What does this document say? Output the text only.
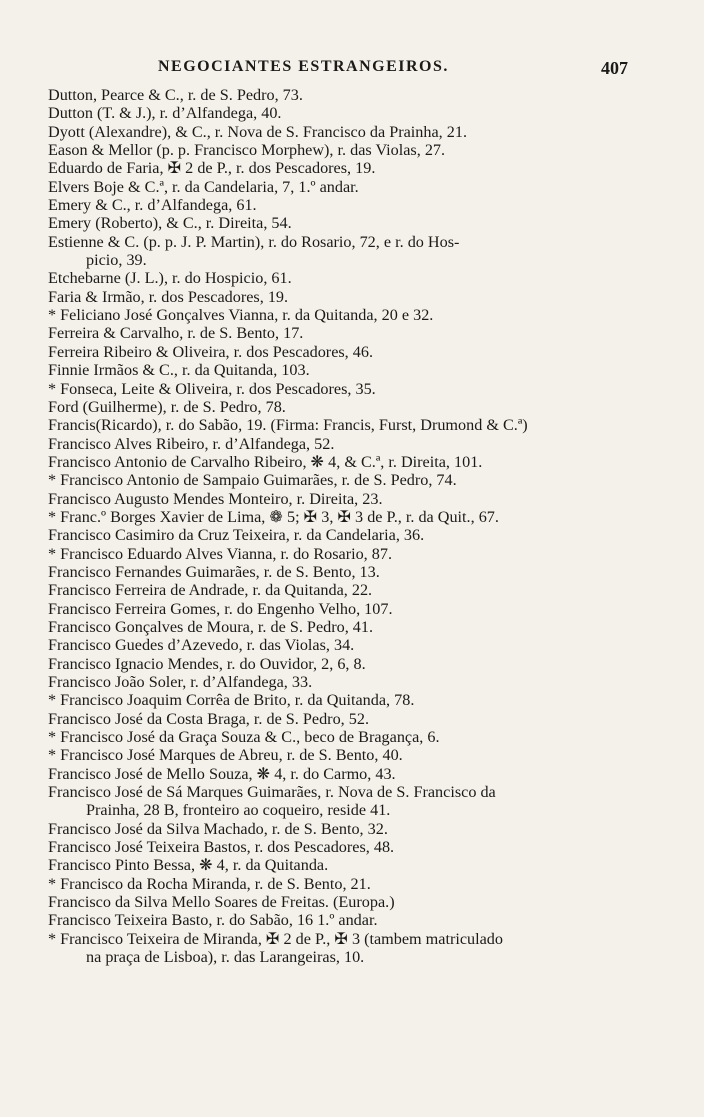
NEGOCIANTES ESTRANGEIROS.	407
Dutton, Pearce & C., r. de S. Pedro, 73.
Dutton (T. & J.), r. d’Alfandega, 40.
Dyott (Alexandre), & C., r. Nova de S. Francisco da Prainha, 21.
Eason & Mellor (p. p. Francisco Morphew), r. das Violas, 27.
Eduardo de Faria, ✠ 2 de P., r. dos Pescadores, 19.
Elvers Boje & C.ª, r. da Candelaria, 7, 1.º andar.
Emery & C., r. d’Alfandega, 61.
Emery (Roberto), & C., r. Direita, 54.
Estienne & C. (p. p. J. P. Martin), r. do Rosario, 72, e r. do Hos-
picio, 39.
Etchebarne (J. L.), r. do Hospicio, 61.
Faria & Irmão, r. dos Pescadores, 19.
* Feliciano José Gonçalves Vianna, r. da Quitanda, 20 e 32.
Ferreira & Carvalho, r. de S. Bento, 17.
Ferreira Ribeiro & Oliveira, r. dos Pescadores, 46.
Finnie Irmãos & C., r. da Quitanda, 103.
* Fonseca, Leite & Oliveira, r. dos Pescadores, 35.
Ford (Guilherme), r. de S. Pedro, 78.
Francis(Ricardo), r. do Sabão, 19. (Firma: Francis, Furst, Drumond & C.ª)
Francisco Alves Ribeiro, r. d’Alfandega, 52.
Francisco Antonio de Carvalho Ribeiro, ❋ 4, & C.ª, r. Direita, 101.
* Francisco Antonio de Sampaio Guimarães, r. de S. Pedro, 74.
Francisco Augusto Mendes Monteiro, r. Direita, 23.
* Franc.º Borges Xavier de Lima, ❁ 5; ✠ 3, ✠ 3 de P., r. da Quit., 67.
Francisco Casimiro da Cruz Teixeira, r. da Candelaria, 36.
* Francisco Eduardo Alves Vianna, r. do Rosario, 87.
Francisco Fernandes Guimarães, r. de S. Bento, 13.
Francisco Ferreira de Andrade, r. da Quitanda, 22.
Francisco Ferreira Gomes, r. do Engenho Velho, 107.
Francisco Gonçalves de Moura, r. de S. Pedro, 41.
Francisco Guedes d’Azevedo, r. das Violas, 34.
Francisco Ignacio Mendes, r. do Ouvidor, 2, 6, 8.
Francisco João Soler, r. d’Alfandega, 33.
* Francisco Joaquim Corrêa de Brito, r. da Quitanda, 78.
Francisco José da Costa Braga, r. de S. Pedro, 52.
* Francisco José da Graça Souza & C., beco de Bragança, 6.
* Francisco José Marques de Abreu, r. de S. Bento, 40.
Francisco José de Mello Souza, ❋ 4, r. do Carmo, 43.
Francisco José de Sá Marques Guimarães, r. Nova de S. Francisco da
Prainha, 28 B, fronteiro ao coqueiro, reside 41.
Francisco José da Silva Machado, r. de S. Bento, 32.
Francisco José Teixeira Bastos, r. dos Pescadores, 48.
Francisco Pinto Bessa, ❋ 4, r. da Quitanda.
* Francisco da Rocha Miranda, r. de S. Bento, 21.
Francisco da Silva Mello Soares de Freitas. (Europa.)
Francisco Teixeira Basto, r. do Sabão, 16 1.º andar.
* Francisco Teixeira de Miranda, ✠ 2 de P., ✠ 3 (tambem matriculado
na praça de Lisboa), r. das Larangeiras, 10.
